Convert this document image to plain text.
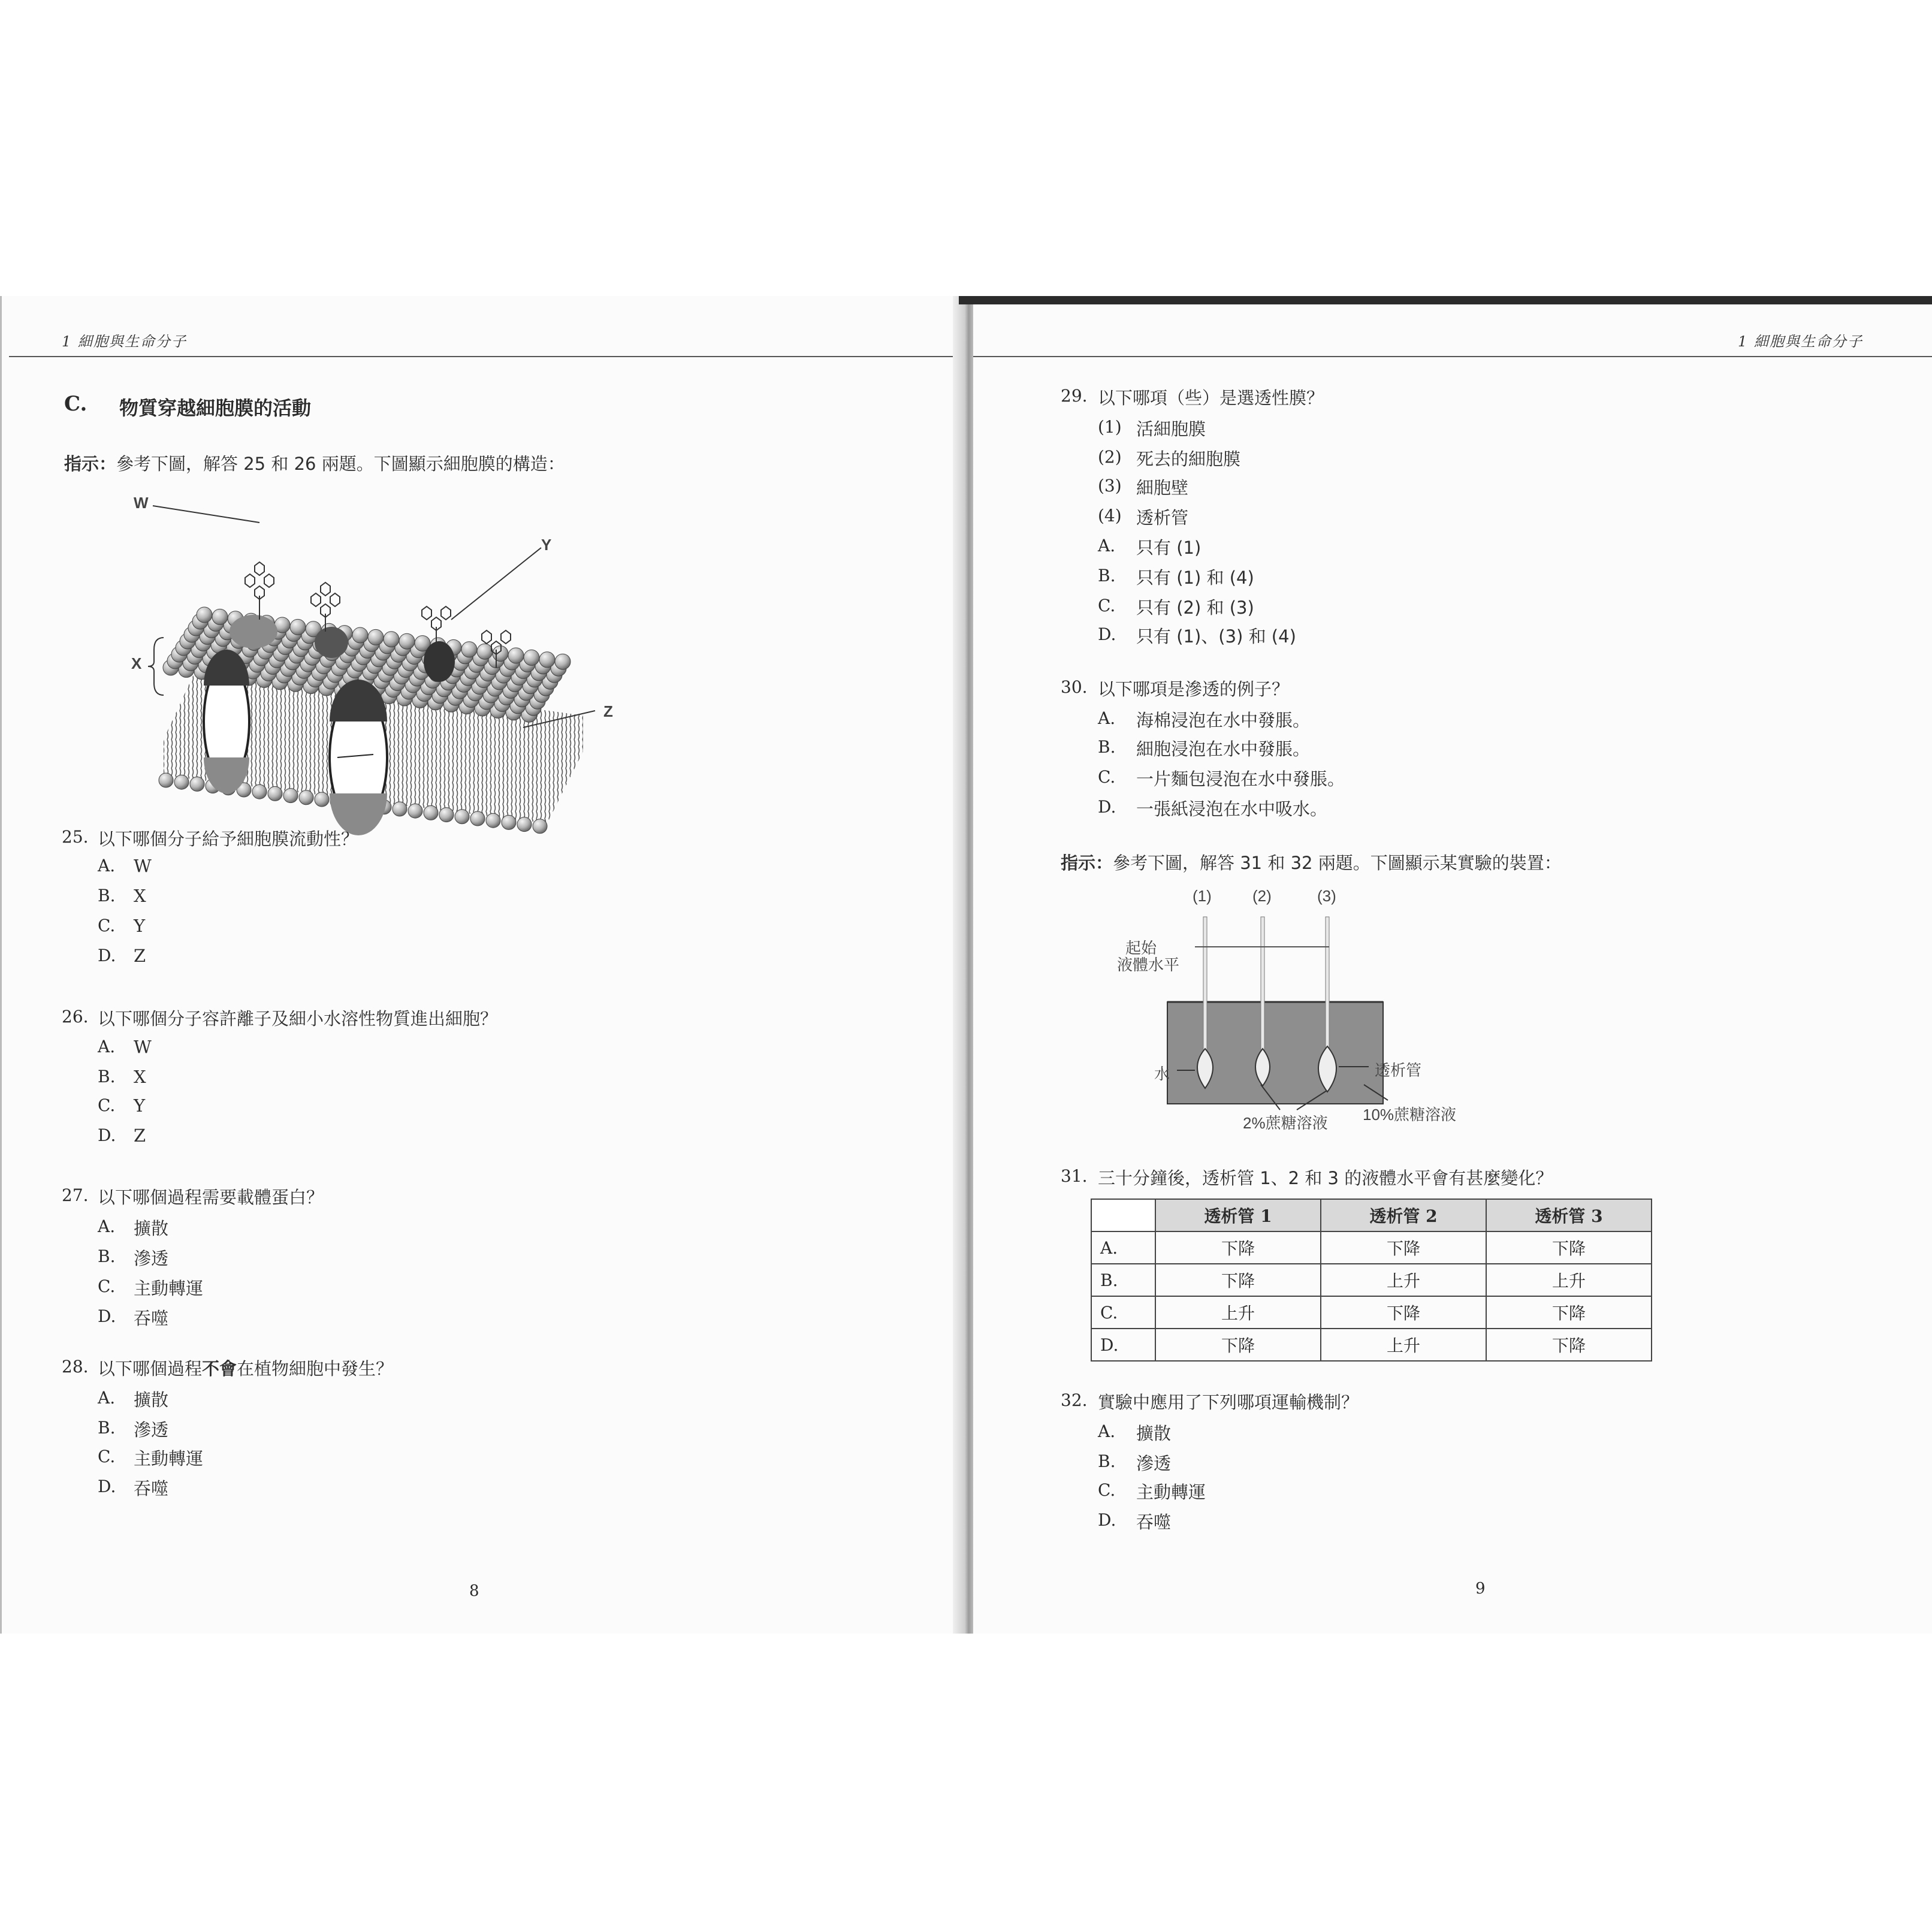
1 細胞與生命分子
C. 物質穿越細胞膜的活動
指示：參考下圖，解答 25 和 26 兩題。下圖顯示細胞膜的構造：
W
Y
X
Z
25. 以下哪個分子給予細胞膜流動性？
A. W
B. X
C. Y
D. Z
26. 以下哪個分子容許離子及細小水溶性物質進出細胞？
A. W
B. X
C. Y
D. Z
27. 以下哪個過程需要載體蛋白？
A. 擴散
B. 滲透
C. 主動轉運
D. 吞噬
28. 以下哪個過程不會在植物細胞中發生？
A. 擴散
B. 滲透
C. 主動轉運
D. 吞噬
8
1 細胞與生命分子
29. 以下哪項（些）是選透性膜？
(1) 活細胞膜
(2) 死去的細胞膜
(3) 細胞壁
(4) 透析管
A. 只有 (1)
B. 只有 (1) 和 (4)
C. 只有 (2) 和 (3)
D. 只有 (1)、(3) 和 (4)
30. 以下哪項是滲透的例子？
A. 海棉浸泡在水中發脹。
B. 細胞浸泡在水中發脹。
C. 一片麵包浸泡在水中發脹。
D. 一張紙浸泡在水中吸水。
指示：參考下圖，解答 31 和 32 兩題。下圖顯示某實驗的裝置：
(1)	(2)	(3)
起始
液體水平
水	透析管
2%蔗糖溶液 10%蔗糖溶液
31. 三十分鐘後，透析管 1、2 和 3 的液體水平會有甚麼變化？
	透析管 1	透析管 2	透析管 3
A.	下降	下降	下降
B.	下降	上升	上升
C.	上升	下降	下降
D.	下降	上升	下降
32. 實驗中應用了下列哪項運輸機制？
A. 擴散
B. 滲透
C. 主動轉運
D. 吞噬
9
